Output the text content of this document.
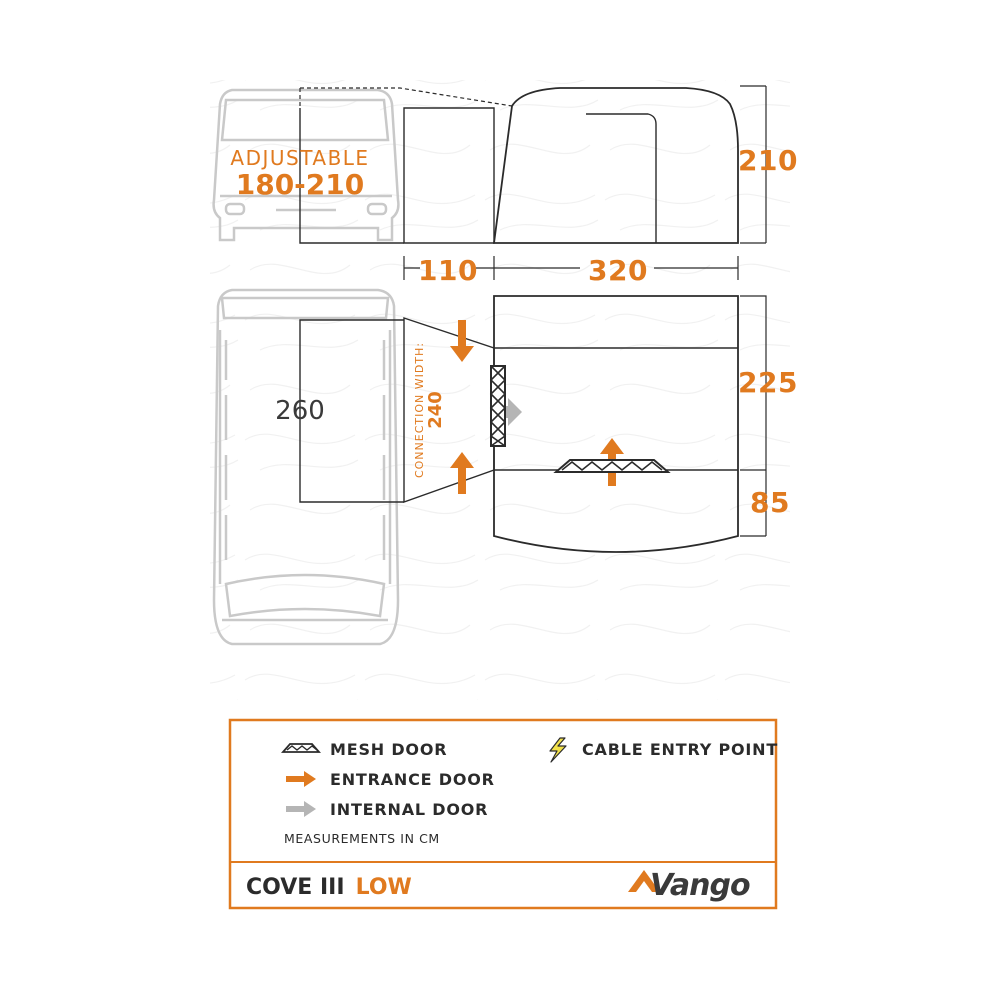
210
ADJUSTABLE
180-210
110	320
225
85
260	CONNECTION WIDTH: 240
MESH DOOR
ENTRANCE DOOR
INTERNAL DOOR
MEASUREMENTS IN CM
CABLE ENTRY POINT
COVE III LOW	Vango
